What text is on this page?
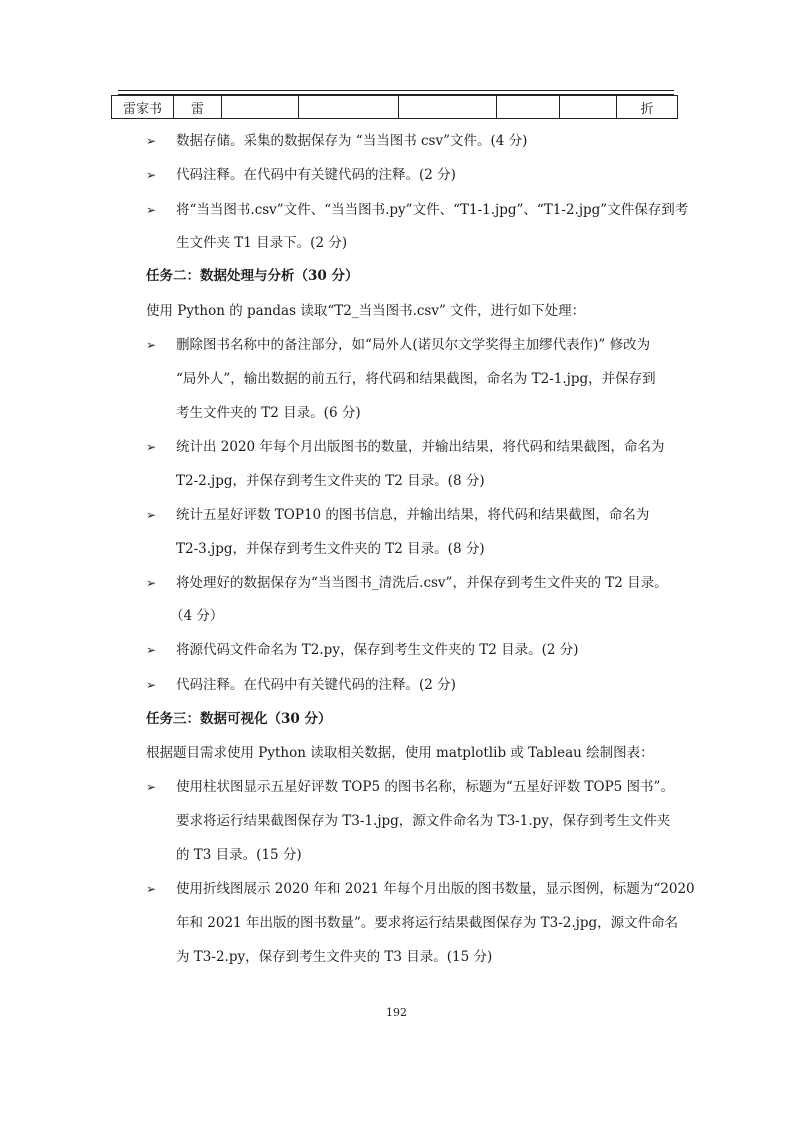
雷家书	雷						折
➢ 数据存储。采集的数据保存为 “当当图书 csv”文件。(4 分)
➢ 代码注释。在代码中有关键代码的注释。(2 分)
➢ 将“当当图书.csv”文件、“当当图书.py”文件、“T1-1.jpg”、“T1-2.jpg”文件保存到考
生文件夹 T1 目录下。(2 分)
任务二：数据处理与分析（30 分）
使用 Python 的 pandas 读取“T2_当当图书.csv” 文件，进行如下处理：
➢ 删除图书名称中的备注部分，如“局外人(诺贝尔文学奖得主加缪代表作)” 修改为
“局外人”，输出数据的前五行，将代码和结果截图，命名为 T2-1.jpg，并保存到
考生文件夹的 T2 目录。(6 分)
➢ 统计出 2020 年每个月出版图书的数量，并输出结果，将代码和结果截图，命名为
T2-2.jpg，并保存到考生文件夹的 T2 目录。(8 分)
➢ 统计五星好评数 TOP10 的图书信息，并输出结果，将代码和结果截图，命名为
T2-3.jpg，并保存到考生文件夹的 T2 目录。(8 分)
➢ 将处理好的数据保存为“当当图书_清洗后.csv”，并保存到考生文件夹的 T2 目录。
（4 分）
➢ 将源代码文件命名为 T2.py，保存到考生文件夹的 T2 目录。(2 分)
➢ 代码注释。在代码中有关键代码的注释。(2 分)
任务三：数据可视化（30 分）
根据题目需求使用 Python 读取相关数据，使用 matplotlib 或 Tableau 绘制图表：
➢ 使用柱状图显示五星好评数 TOP5 的图书名称，标题为“五星好评数 TOP5 图书”。
要求将运行结果截图保存为 T3-1.jpg，源文件命名为 T3-1.py，保存到考生文件夹
的 T3 目录。(15 分)
➢ 使用折线图展示 2020 年和 2021 年每个月出版的图书数量，显示图例，标题为“2020
年和 2021 年出版的图书数量”。要求将运行结果截图保存为 T3-2.jpg，源文件命名
为 T3-2.py，保存到考生文件夹的 T3 目录。(15 分)
192
